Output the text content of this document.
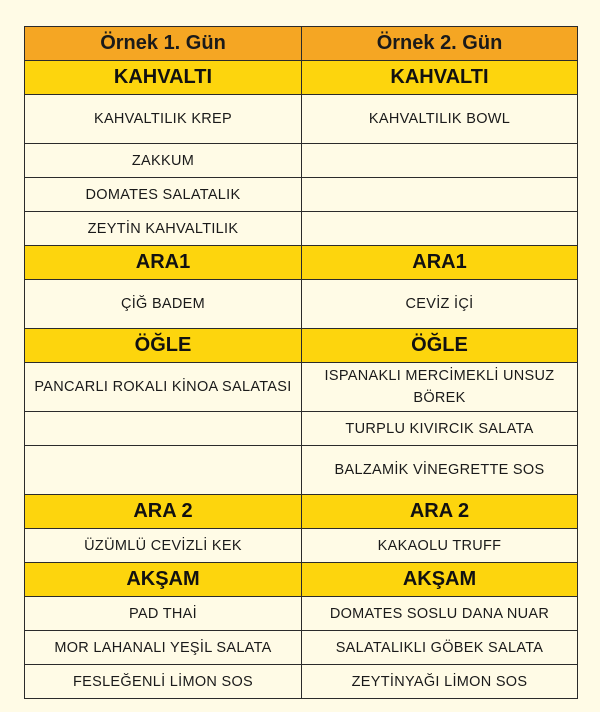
Örnek 1. Gün	Örnek 2. Gün
KAHVALTI	KAHVALTI
KAHVALTILIK KREP	KAHVALTILIK BOWL
ZAKKUM	
DOMATES SALATALIK	
ZEYTİN KAHVALTILIK	
ARA1	ARA1
ÇİĞ BADEM	CEVİZ İÇİ
ÖĞLE	ÖĞLE
PANCARLI ROKALI KİNOA SALATASI	ISPANAKLI MERCİMEKLİ UNSUZ BÖREK
	TURPLU KIVIRCIK SALATA
	BALZAMİK VİNEGRETTE SOS
ARA 2	ARA 2
ÜZÜMLÜ CEVİZLİ KEK	KAKAOLU TRUFF
AKŞAM	AKŞAM
PAD THAİ	DOMATES SOSLU DANA NUAR
MOR LAHANALI YEŞİL SALATA	SALATALIKLI GÖBEK SALATA
FESLEĞENLİ LİMON SOS	ZEYTİNYAĞI LİMON SOS
